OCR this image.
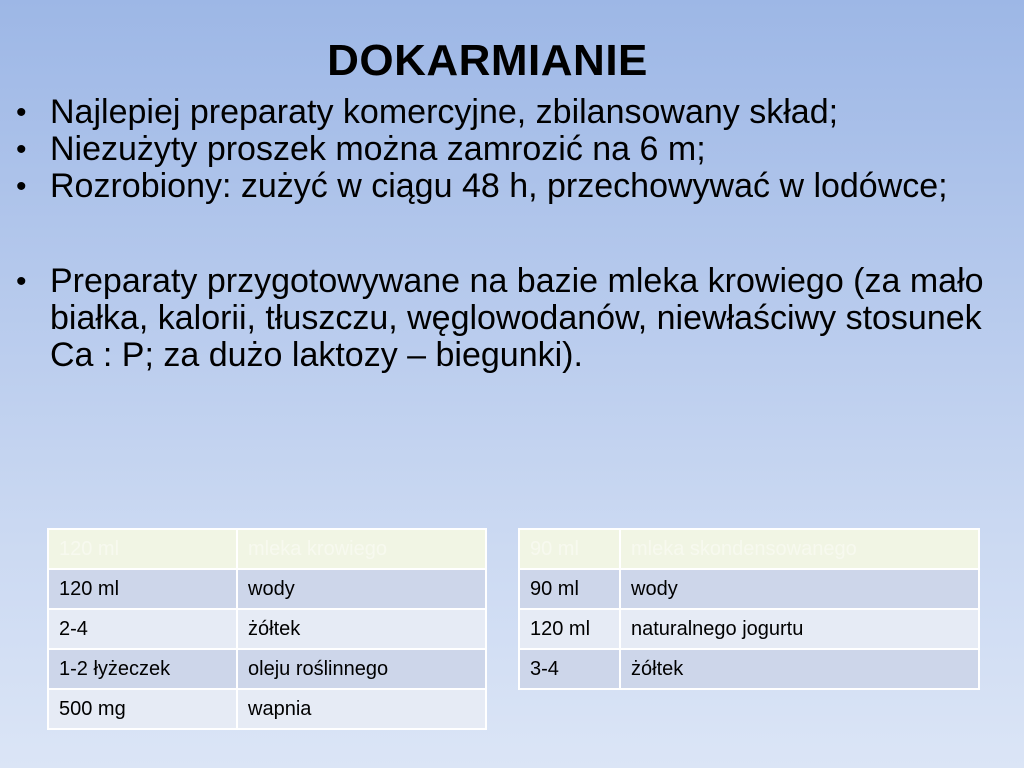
DOKARMIANIE
• Najlepiej preparaty komercyjne, zbilansowany skład;
• Niezużyty proszek można zamrozić na 6 m;
• Rozrobiony: zużyć w ciągu 48 h, przechowywać w lodówce;
• Preparaty przygotowywane na bazie mleka krowiego (za mało białka, kalorii, tłuszczu, węglowodanów, niewłaściwy stosunek Ca : P; za dużo laktozy – biegunki).
120 ml	mleka krowiego
120 ml	wody
2-4	żółtek
1-2 łyżeczek	oleju roślinnego
500 mg	wapnia
90 ml	mleka skondensowanego
90 ml	wody
120 ml	naturalnego jogurtu
3-4	żółtek
